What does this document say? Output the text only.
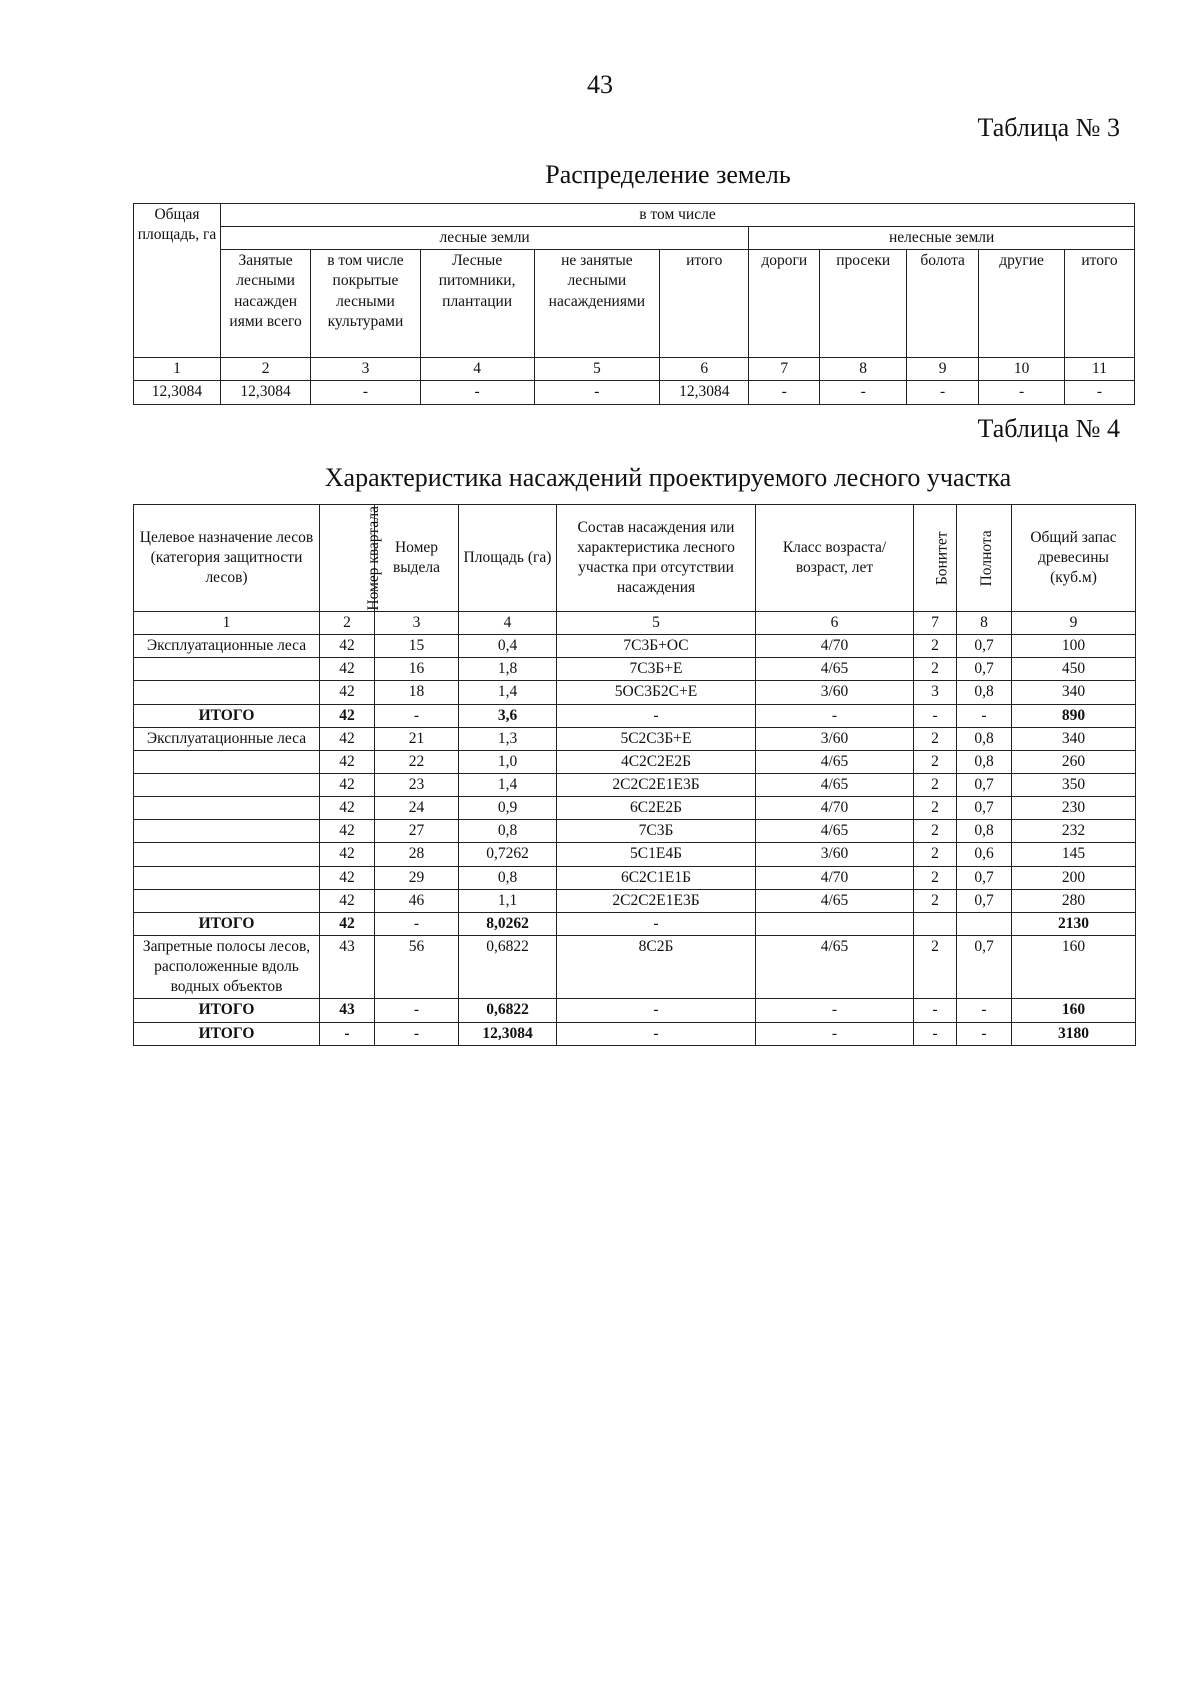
43
Таблица № 3
Распределение земель
Общая площадь, га	в том числе									
	лесные земли					нелесные земли				
	Занятые лесными насажден иями всего	в том числе покрытые лесными культурами	Лесные питомники, плантации	не занятые лесными насаждениями	итого	дороги	просеки	болота	другие	итого
1	2	3	4	5	6	7	8	9	10	11
12,3084	12,3084	-	-	-	12,3084	-	-	-	-	-
Таблица № 4
Характеристика насаждений проектируемого лесного участка
Целевое назначение лесов (категория защитности лесов)	Номер квартала	Номер выдела	Площадь (га)	Состав насаждения или характеристика лесного участка при отсутствии насаждения	Класс возраста/возраст, лет	Бонитет	Полнота	Общий запас древесины (куб.м)
1	2	3	4	5	6	7	8	9
Эксплуатационные леса	42	15	0,4	7С3Б+ОС	4/70	2	0,7	100
	42	16	1,8	7С3Б+Е	4/65	2	0,7	450
	42	18	1,4	5ОС3Б2С+Е	3/60	3	0,8	340
ИТОГО	42	-	3,6	-	-	-	-	890
Эксплуатационные леса	42	21	1,3	5С2С3Б+Е	3/60	2	0,8	340
	42	22	1,0	4С2С2Е2Б	4/65	2	0,8	260
	42	23	1,4	2С2С2Е1Е3Б	4/65	2	0,7	350
	42	24	0,9	6С2Е2Б	4/70	2	0,7	230
	42	27	0,8	7С3Б	4/65	2	0,8	232
	42	28	0,7262	5С1Е4Б	3/60	2	0,6	145
	42	29	0,8	6С2С1Е1Б	4/70	2	0,7	200
	42	46	1,1	2С2С2Е1Е3Б	4/65	2	0,7	280
ИТОГО	42	-	8,0262	-				2130
Запретные полосы лесов, расположенные вдоль водных объектов	43	56	0,6822	8С2Б	4/65	2	0,7	160
ИТОГО	43	-	0,6822	-	-	-	-	160
ИТОГО	-	-	12,3084	-	-	-	-	3180
